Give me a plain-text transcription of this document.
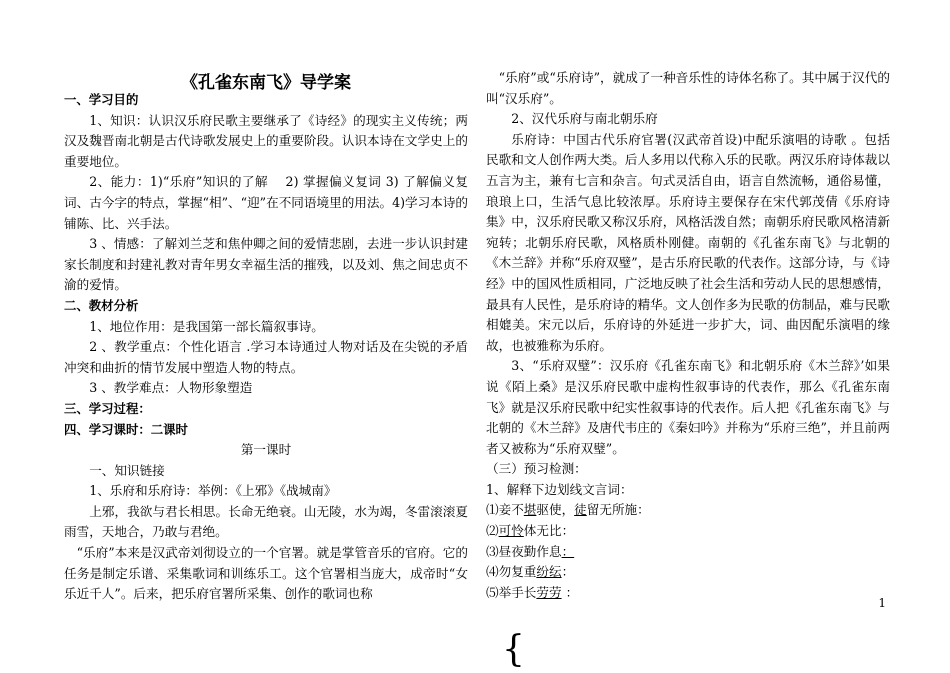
《孔雀东南飞》导学案

一、学习目的

1、知识：认识汉乐府民歌主要继承了《诗经》的现实主义传统；两汉及魏晋南北朝是古代诗歌发展史上的重要阶段。认识本诗在文学史上的重要地位。

2、能力：1)“乐府”知识的了解　 2) 掌握偏义复词 3) 了解偏义复词、古今字的特点，掌握“相”、“迎”在不同语境里的用法。4)学习本诗的铺陈、比、兴手法。

3 、情感：了解刘兰芝和焦仲卿之间的爱情悲剧，去进一步认识封建家长制度和封建礼教对青年男女幸福生活的摧残，以及刘、焦之间忠贞不渝的爱情。

二、教材分析

1、地位作用：是我国第一部长篇叙事诗。

2 、教学重点：个性化语言 .学习本诗通过人物对话及在尖锐的矛盾冲突和曲折的情节发展中塑造人物的特点。

3 、教学难点：人物形象塑造

三、学习过程：

四、学习课时：二课时

第一课时

一、知识链接

1、乐府和乐府诗：举例：《上邪》《战城南》

上邪，我欲与君长相思。长命无绝衰。山无陵，水为竭，冬雷滚滚夏雨雪，天地合，乃敢与君绝。

“乐府”本来是汉武帝刘彻设立的一个官署。就是掌管音乐的官府。它的任务是制定乐谱、采集歌词和训练乐工。这个官署相当庞大，成帝时“女乐近千人”。后来，把乐府官署所采集、创作的歌词也称

“乐府”或“乐府诗”，就成了一种音乐性的诗体名称了。其中属于汉代的叫“汉乐府”。

2、汉代乐府与南北朝乐府

乐府诗：中国古代乐府官署(汉武帝首设)中配乐演唱的诗歌 。包括民歌和文人创作两大类。后人多用以代称入乐的民歌。两汉乐府诗体裁以五言为主，兼有七言和杂言。句式灵活自由，语言自然流畅，通俗易懂，琅琅上口，生活气息比较浓厚。乐府诗主要保存在宋代郭茂倩《乐府诗集》中，汉乐府民歌又称汉乐府，风格活泼自然；南朝乐府民歌风格清新宛转；北朝乐府民歌，风格质朴刚健。南朝的《孔雀东南飞》与北朝的《木兰辞》并称“乐府双璧”，是古乐府民歌的代表作。这部分诗，与《诗经》中的国风性质相同，广泛地反映了社会生活和劳动人民的思想感情，最具有人民性，是乐府诗的精华。文人创作多为民歌的仿制品，难与民歌相媲美。宋元以后，乐府诗的外延进一步扩大，词、曲因配乐演唱的缘故，也被雅称为乐府。

3、“乐府双璧”：汉乐府《孔雀东南飞》和北朝乐府《木兰辞》’如果说《陌上桑》是汉乐府民歌中虚构性叙事诗的代表作，那么《孔雀东南飞》就是汉乐府民歌中纪实性叙事诗的代表作。后人把《孔雀东南飞》与北朝的《木兰辞》及唐代韦庄的《秦妇吟》并称为“乐府三绝”，并且前两者又被称为“乐府双璧”。

（三）预习检测：

1、解释下边划线文言词：

⑴妾不堪驱使，徒留无所施：

⑵可怜体无比：

⑶昼夜勤作息：

⑷勿复重纷纭：

⑸举手长劳劳 ：

1
{
